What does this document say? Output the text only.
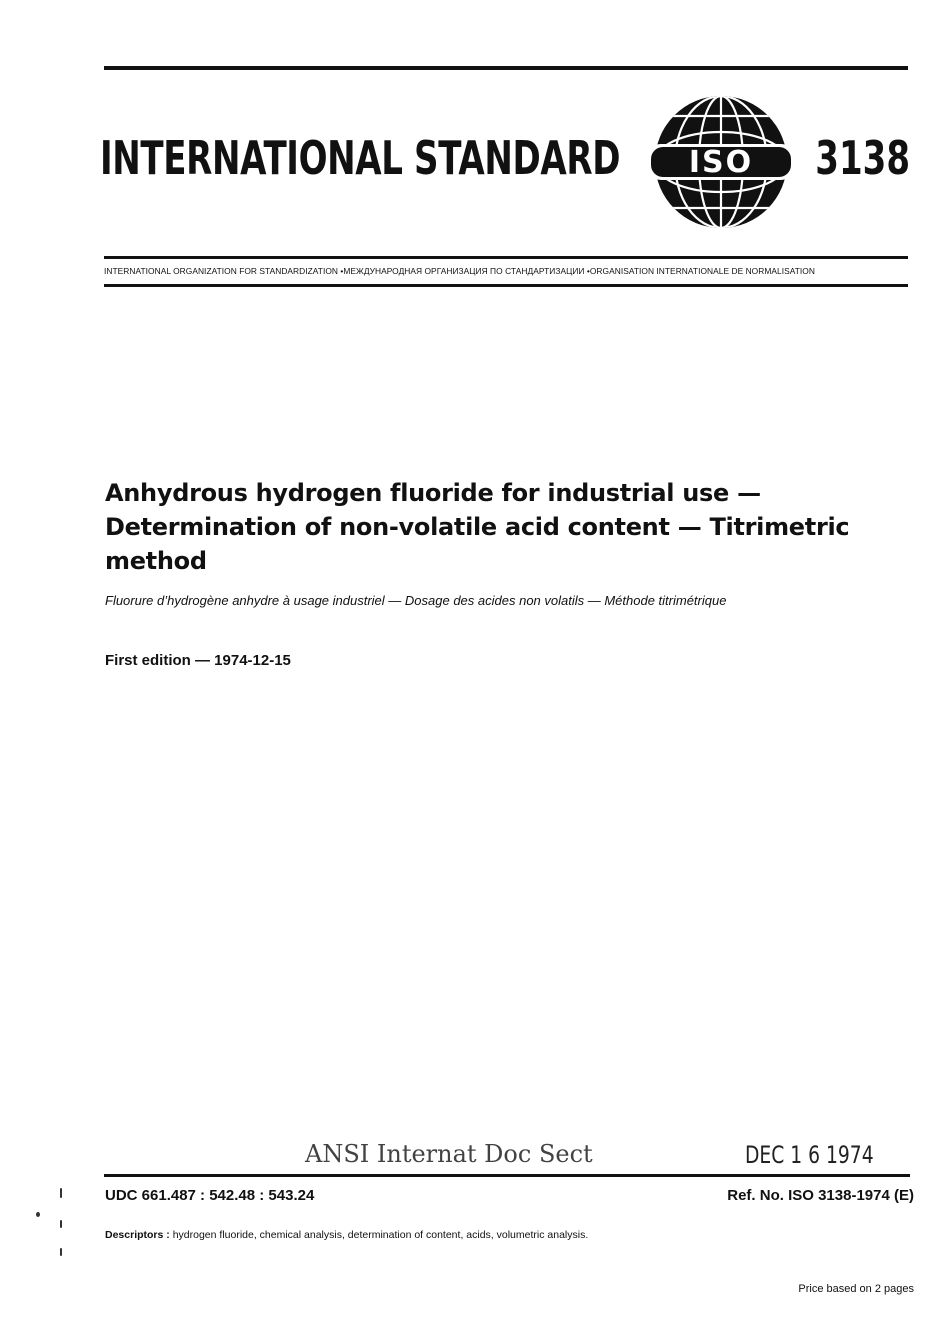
INTERNATIONAL STANDARD ISO 3138
INTERNATIONAL ORGANIZATION FOR STANDARDIZATION •МЕЖДУНАРОДНАЯ ОРГАНИЗАЦИЯ ПО СТАНДАРТИЗАЦИИ •ORGANISATION INTERNATIONALE DE NORMALISATION
Anhydrous hydrogen fluoride for industrial use —
Determination of non-volatile acid content — Titrimetric
method
Fluorure d’hydrogène anhydre à usage industriel — Dosage des acides non volatils — Méthode titrimétrique
First edition — 1974-12-15
ANSI Internat Doc Sect	DEC 1 6 1974
UDC 661.487 : 542.48 : 543.24	Ref. No. ISO 3138-1974 (E)
Descriptors : hydrogen fluoride, chemical analysis, determination of content, acids, volumetric analysis.
Price based on 2 pages
